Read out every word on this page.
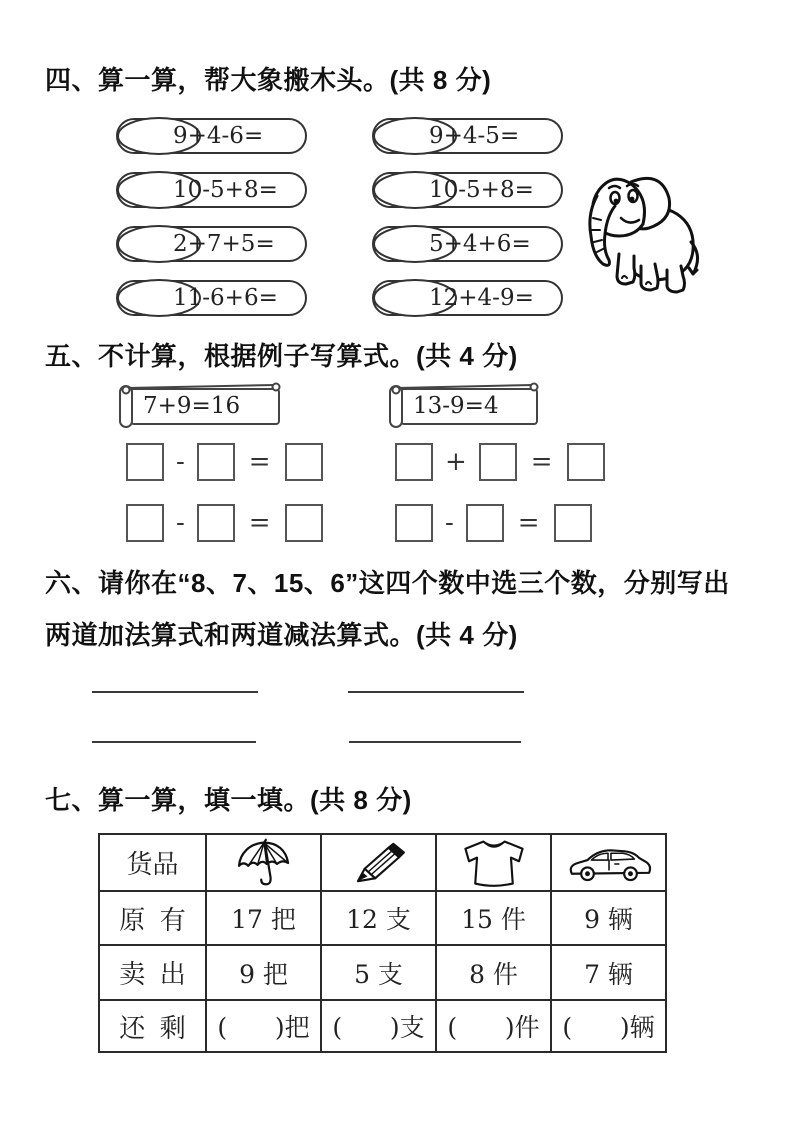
四、算一算，帮大象搬木头。(共 8 分)
9+4-6=	9+4-5=
10-5+8=	10-5+8=
2+7+5=	5+4+6=
11-6+6=	12+4-9=
五、不计算，根据例子写算式。(共 4 分)
7+9=16	13-9=4
- =	+ =
- =	- =
六、请你在“8、7、15、6”这四个数中选三个数，分别写出
两道加法算式和两道减法算式。(共 4 分)
七、算一算，填一填。(共 8 分)
货品	

原  有	17 把	12 支	15 件	9 辆
卖  出	9 把	5 支	8 件	7 辆
还  剩	(      )把	(      )支	(      )件	(      )辆
